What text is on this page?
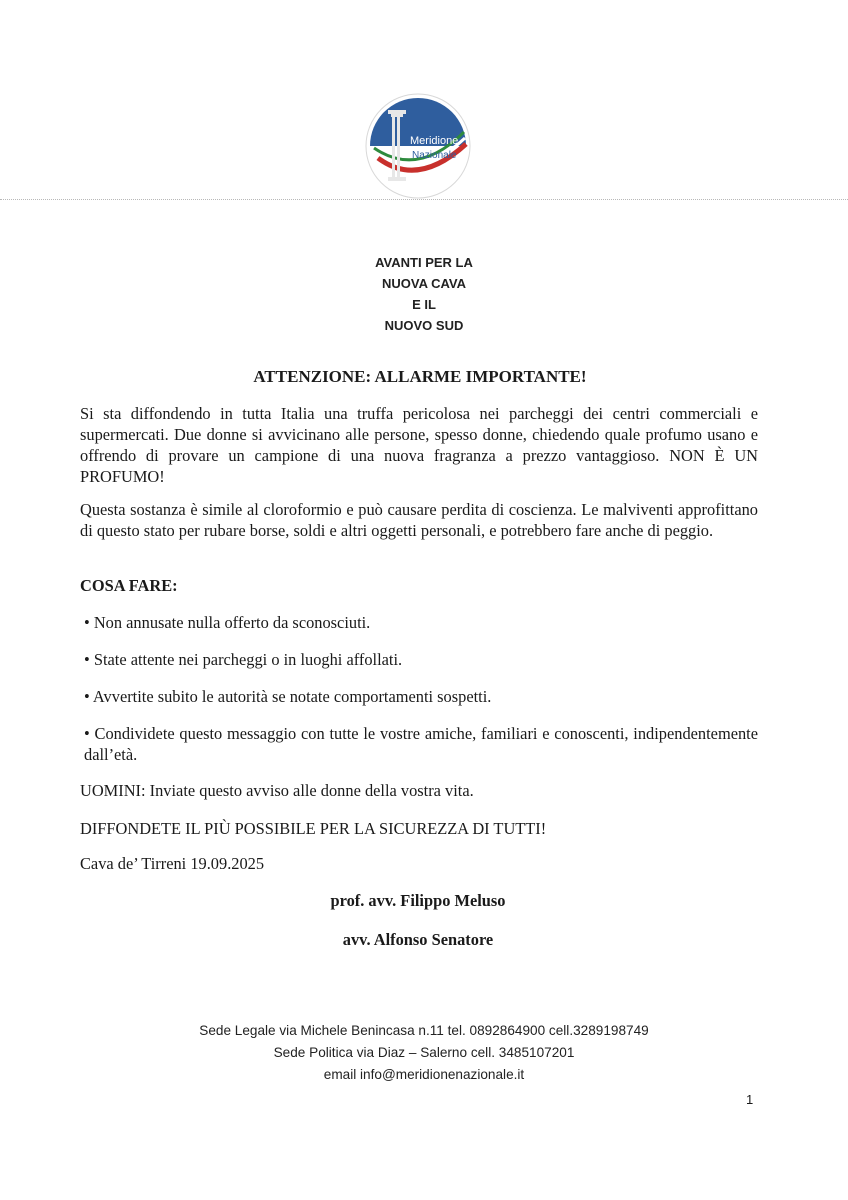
Meridione
Nazionale
AVANTI PER LA
NUOVA CAVA
E IL
NUOVO SUD
ATTENZIONE: ALLARME IMPORTANTE!
Si sta diffondendo in tutta Italia una truffa pericolosa nei parcheggi dei centri commerciali e supermercati. Due donne si avvicinano alle persone, spesso donne, chiedendo quale profumo usano e offrendo di provare un campione di una nuova fragranza a prezzo vantaggioso. NON È UN PROFUMO!
Questa sostanza è simile al cloroformio e può causare perdita di coscienza. Le malviventi approfittano di questo stato per rubare borse, soldi e altri oggetti personali, e potrebbero fare anche di peggio.
COSA FARE:
• Non annusate nulla offerto da sconosciuti.
• State attente nei parcheggi o in luoghi affollati.
• Avvertite subito le autorità se notate comportamenti sospetti.
• Condividete questo messaggio con tutte le vostre amiche, familiari e conoscenti, indipendentemente dall’età.
UOMINI: Inviate questo avviso alle donne della vostra vita.
DIFFONDETE IL PIÙ POSSIBILE PER LA SICUREZZA DI TUTTI!
Cava de’ Tirreni 19.09.2025
prof. avv. Filippo Meluso
avv. Alfonso Senatore
Sede Legale via Michele Benincasa n.11 tel. 0892864900 cell.3289198749
Sede Politica via Diaz – Salerno cell. 3485107201
email info@meridionenazionale.it
1
